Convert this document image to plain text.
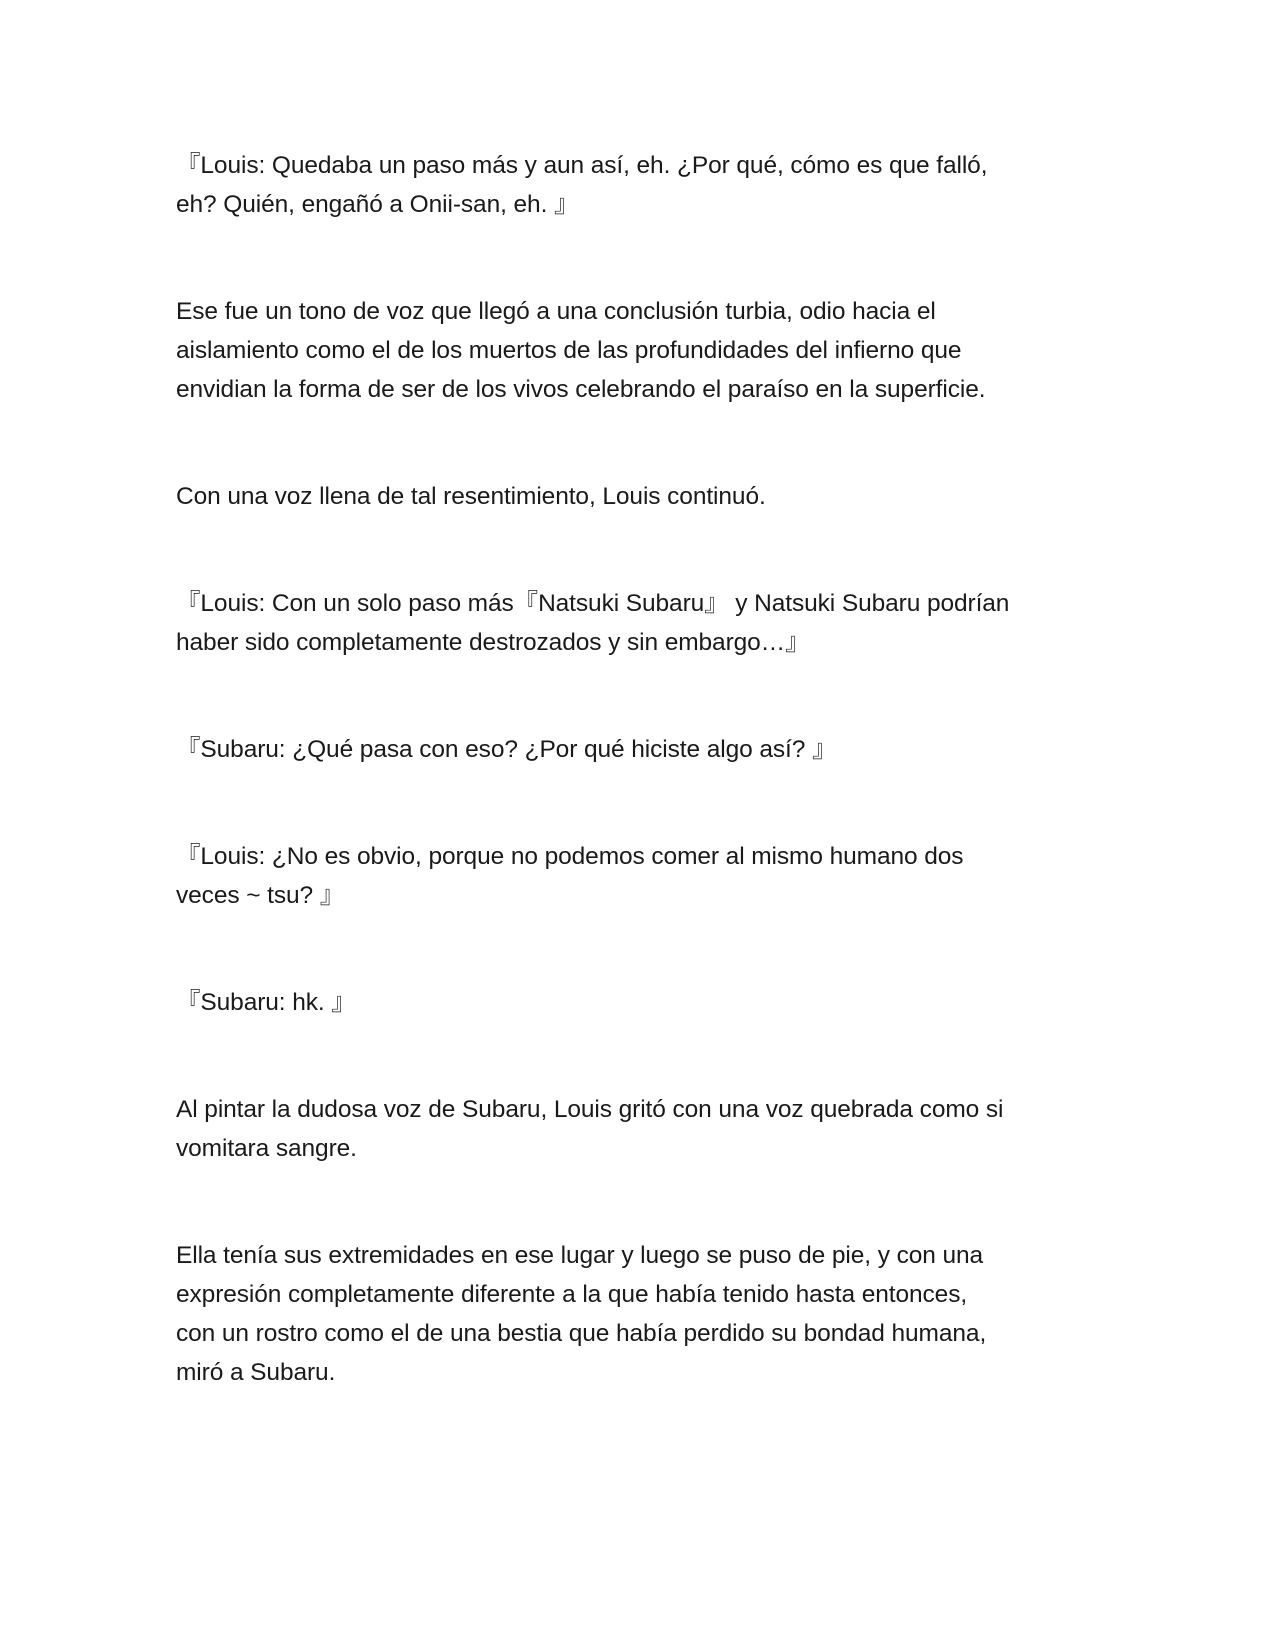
『Louis: Quedaba un paso más y aun así, eh. ¿Por qué, cómo es que falló,
eh? Quién, engañó a Onii-san, eh. 』

Ese fue un tono de voz que llegó a una conclusión turbia, odio hacia el
aislamiento como el de los muertos de las profundidades del infierno que
envidian la forma de ser de los vivos celebrando el paraíso en la superficie.

Con una voz llena de tal resentimiento, Louis continuó.

『Louis: Con un solo paso más『Natsuki Subaru』 y Natsuki Subaru podrían
haber sido completamente destrozados y sin embargo…』

『Subaru: ¿Qué pasa con eso? ¿Por qué hiciste algo así? 』

『Louis: ¿No es obvio, porque no podemos comer al mismo humano dos
veces ~ tsu? 』

『Subaru: hk. 』

Al pintar la dudosa voz de Subaru, Louis gritó con una voz quebrada como si
vomitara sangre.

Ella tenía sus extremidades en ese lugar y luego se puso de pie, y con una
expresión completamente diferente a la que había tenido hasta entonces,
con un rostro como el de una bestia que había perdido su bondad humana,
miró a Subaru.
